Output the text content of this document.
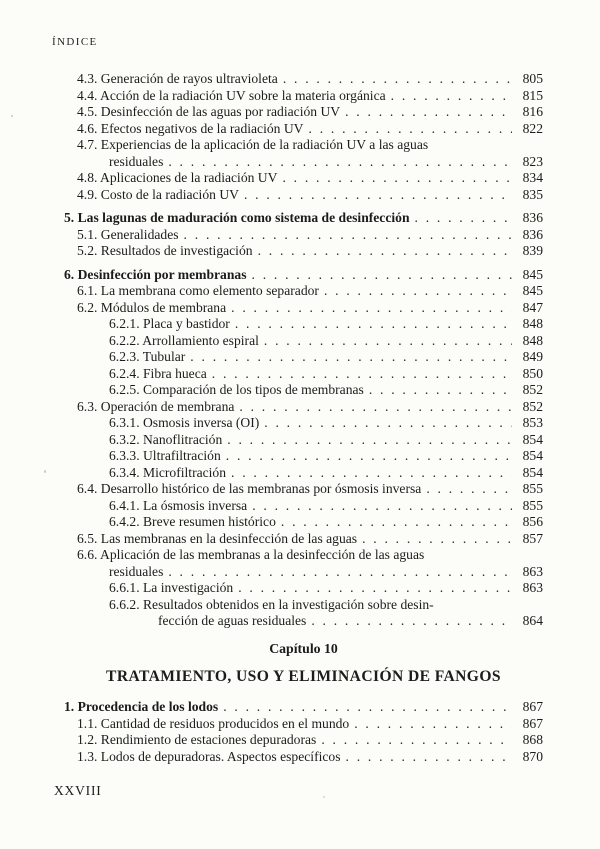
ÍNDICE
4.3. Generación de rayos ultravioleta . . .	805
4.4. Acción de la radiación UV sobre la materia orgánica . . .	815
4.5. Desinfección de las aguas por radiación UV . . .	816
4.6. Efectos negativos de la radiación UV . . .	822
4.7. Experiencias de la aplicación de la radiación UV a las aguas
residuales . . .	823
4.8. Aplicaciones de la radiación UV . . .	834
4.9. Costo de la radiación UV . . .	835
5. Las lagunas de maduración como sistema de desinfección . . .	836
5.1. Generalidades . . .	836
5.2. Resultados de investigación . . .	839
6. Desinfección por membranas . . .	845
6.1. La membrana como elemento separador . . .	845
6.2. Módulos de membrana . . .	847
6.2.1. Placa y bastidor . . .	848
6.2.2. Arrollamiento espiral . . .	848
6.2.3. Tubular . . .	849
6.2.4. Fibra hueca . . .	850
6.2.5. Comparación de los tipos de membranas . . .	852
6.3. Operación de membrana . . .	852
6.3.1. Osmosis inversa (OI) . . .	853
6.3.2. Nanoflitración . . .	854
6.3.3. Ultrafiltración . . .	854
6.3.4. Microfiltración . . .	854
6.4. Desarrollo histórico de las membranas por ósmosis inversa . . .	855
6.4.1. La ósmosis inversa . . .	855
6.4.2. Breve resumen histórico . . .	856
6.5. Las membranas en la desinfección de las aguas . . .	857
6.6. Aplicación de las membranas a la desinfección de las aguas
residuales . . .	863
6.6.1. La investigación . . .	863
6.6.2. Resultados obtenidos en la investigación sobre desin-
fección de aguas residuales . . .	864
Capítulo 10
TRATAMIENTO, USO Y ELIMINACIÓN DE FANGOS
1. Procedencia de los lodos . . .	867
1.1. Cantidad de residuos producidos en el mundo . . .	867
1.2. Rendimiento de estaciones depuradoras . . .	868
1.3. Lodos de depuradoras. Aspectos específicos . . .	870
XXVIII
